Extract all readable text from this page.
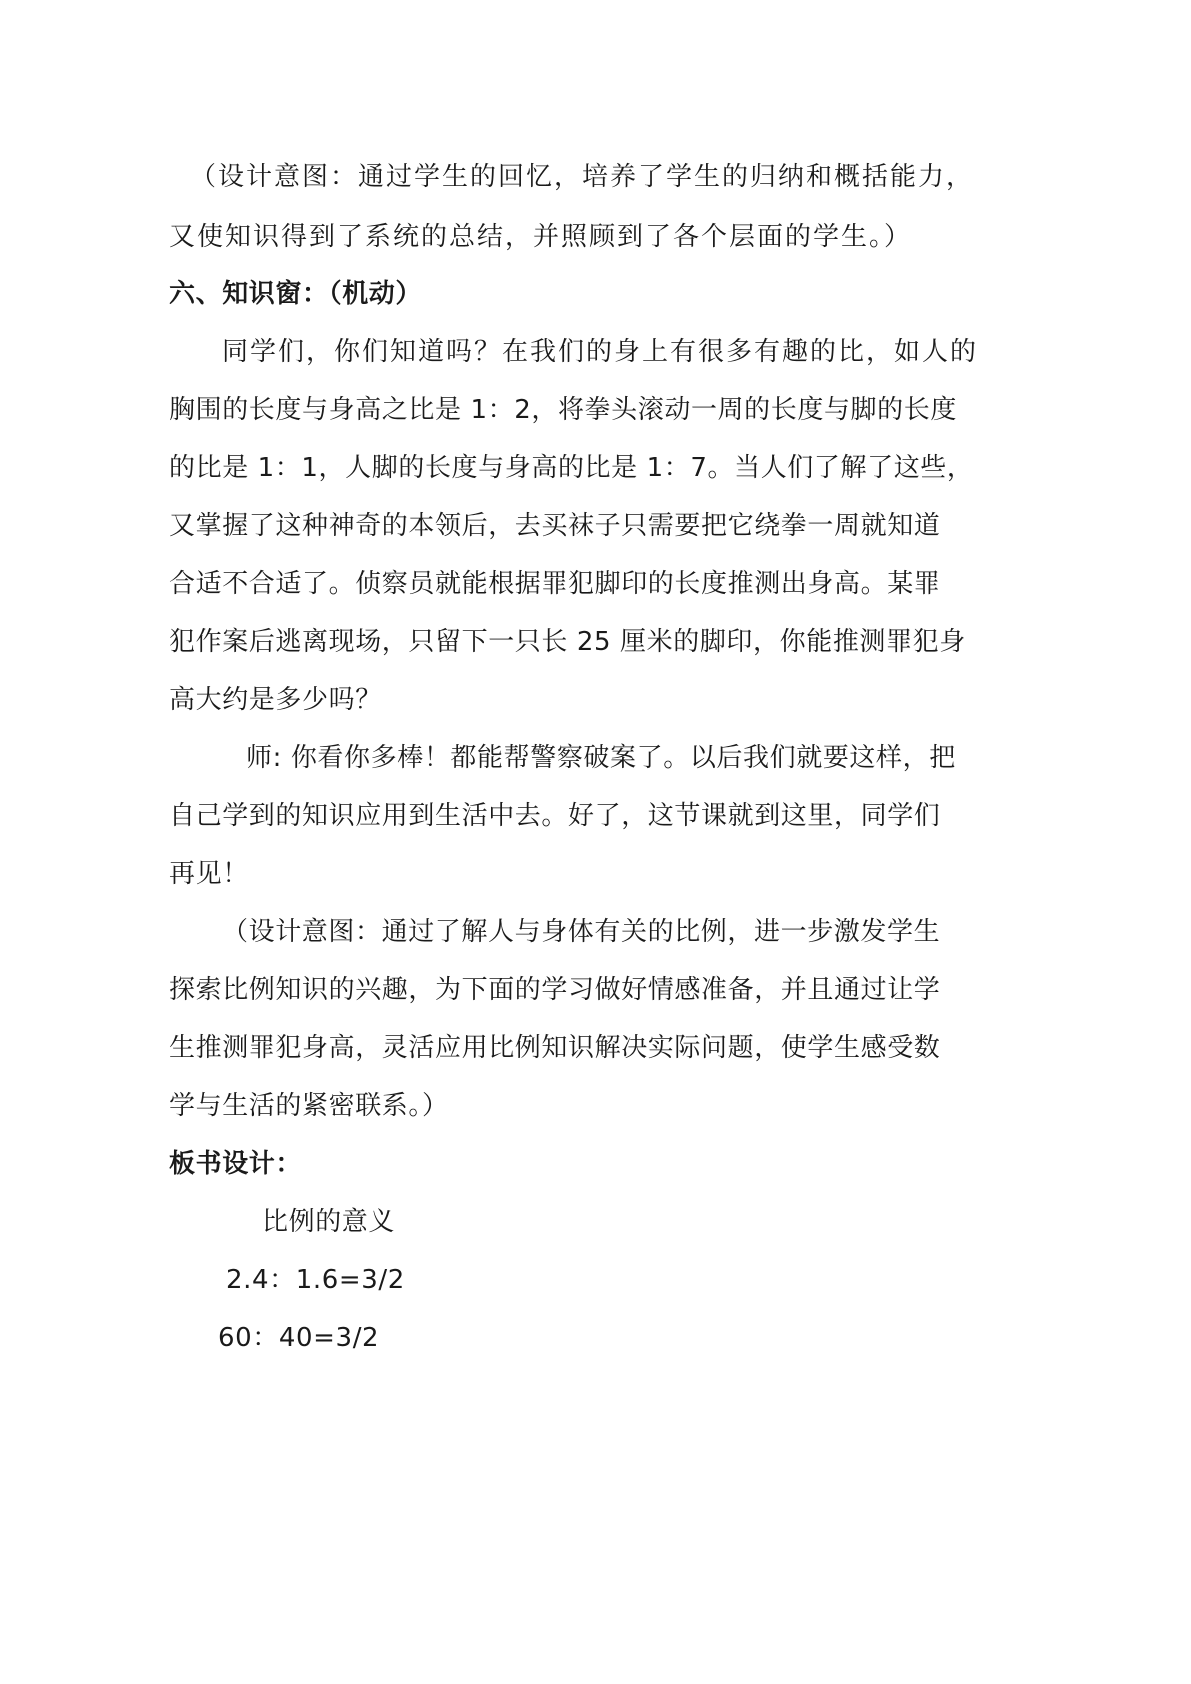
（设计意图：通过学生的回忆，培养了学生的归纳和概括能力，
又使知识得到了系统的总结，并照顾到了各个层面的学生。）
六、知识窗：（机动）
同学们，你们知道吗？在我们的身上有很多有趣的比，如人的
胸围的长度与身高之比是 1：2，将拳头滚动一周的长度与脚的长度
的比是 1：1，人脚的长度与身高的比是 1：7。当人们了解了这些，
又掌握了这种神奇的本领后，去买袜子只需要把它绕拳一周就知道
合适不合适了。侦察员就能根据罪犯脚印的长度推测出身高。某罪
犯作案后逃离现场，只留下一只长 25 厘米的脚印，你能推测罪犯身
高大约是多少吗？
师: 你看你多棒！都能帮警察破案了。以后我们就要这样，把
自己学到的知识应用到生活中去。好了，这节课就到这里，同学们
再见！
（设计意图：通过了解人与身体有关的比例，进一步激发学生
探索比例知识的兴趣，为下面的学习做好情感准备，并且通过让学
生推测罪犯身高，灵活应用比例知识解决实际问题，使学生感受数
学与生活的紧密联系。）
板书设计：
比例的意义
2.4：1.6=3/2
60：40=3/2
